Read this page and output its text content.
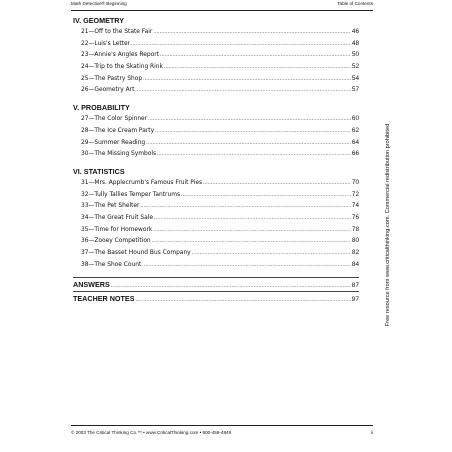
Math Detective® Beginning	Table of Contents
IV. GEOMETRY
21—Off to the State Fair .....	46
22—Luis's Letter .....	48
23—Annie's Angles Report .....	50
24—Trip to the Skating Rink .....	52
25—The Pastry Shop .....	54
26—Geometry Art .....	57
V. PROBABILITY
27—The Color Spinner .....	60
28—The Ice Cream Party .....	62
29—Summer Reading .....	64
30—The Missing Symbols .....	66
VI. STATISTICS
31—Mrs. Applecrumb's Famous Fruit Pies .....	70
32—Tully Tallies Temper Tantrums .....	72
33—The Pet Shelter .....	74
34—The Great Fruit Sale .....	76
35—Time for Homework .....	78
36—Zooey Competition .....	80
37—The Basset Hound Bus Company .....	82
38—The Shoe Count .....	84
ANSWERS .....	87
TEACHER NOTES .....	97	Free resource from www.criticalthinking.com. Commercial redistribution prohibited
© 2003 The Critical Thinking Co.™ • www.CriticalThinking.com • 800-458-4849	ii
